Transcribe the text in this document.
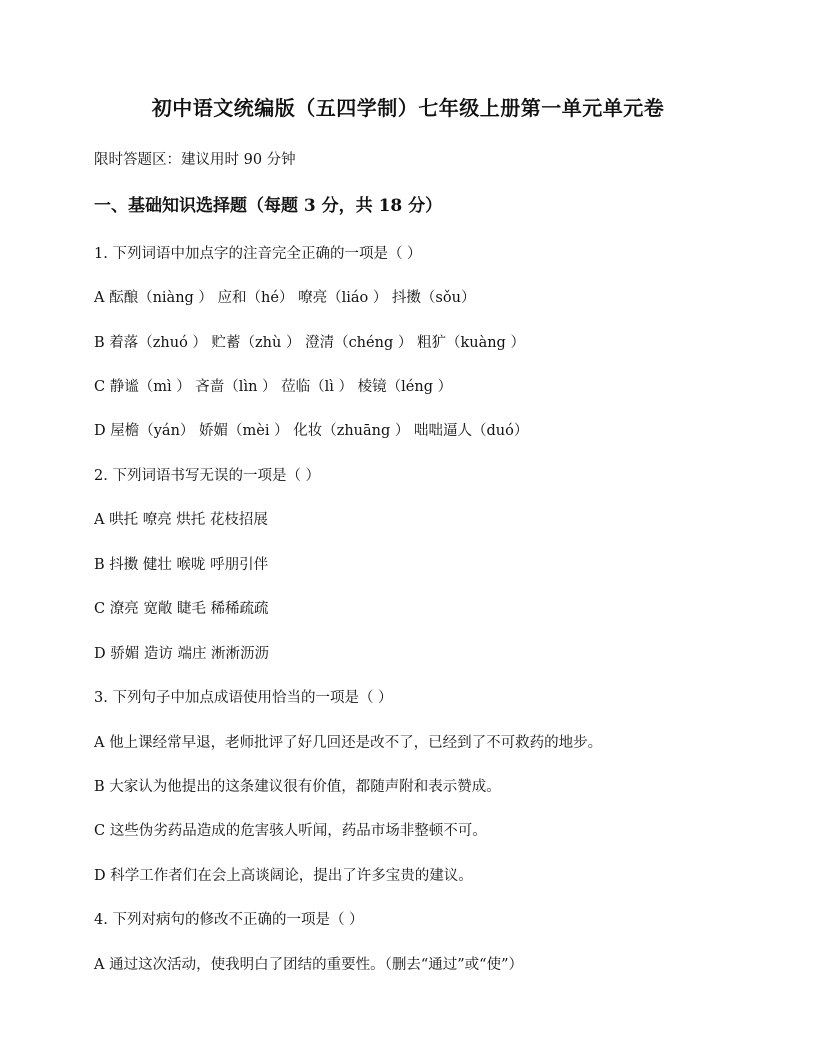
初中语文统编版（五四学制）七年级上册第一单元单元卷
限时答题区：建议用时 90 分钟
一、基础知识选择题（每题 3 分，共 18 分）
1. 下列词语中加点字的注音完全正确的一项是（ ）
A 酝酿（niàng ） 应和（hé） 嘹亮（liáo ） 抖擞（sǒu）
B 着落（zhuó ） 贮蓄（zhù ） 澄清（chéng ） 粗犷（kuàng ）
C 静谧（mì ） 吝啬（lìn ） 莅临（lì ） 棱镜（léng ）
D 屋檐（yán） 娇媚（mèi ） 化妆（zhuāng ） 咄咄逼人（duó）
2. 下列词语书写无误的一项是（ ）
A 哄托 嘹亮 烘托 花枝招展
B 抖擞 健壮 喉咙 呼朋引伴
C 潦亮 宽敞 睫毛 稀稀疏疏
D 骄媚 造访 端庄 淅淅沥沥
3. 下列句子中加点成语使用恰当的一项是（ ）
A 他上课经常早退，老师批评了好几回还是改不了，已经到了不可救药的地步。
B 大家认为他提出的这条建议很有价值，都随声附和表示赞成。
C 这些伪劣药品造成的危害骇人听闻，药品市场非整顿不可。
D 科学工作者们在会上高谈阔论，提出了许多宝贵的建议。
4. 下列对病句的修改不正确的一项是（ ）
A 通过这次活动，使我明白了团结的重要性。（删去“通过”或“使”）
